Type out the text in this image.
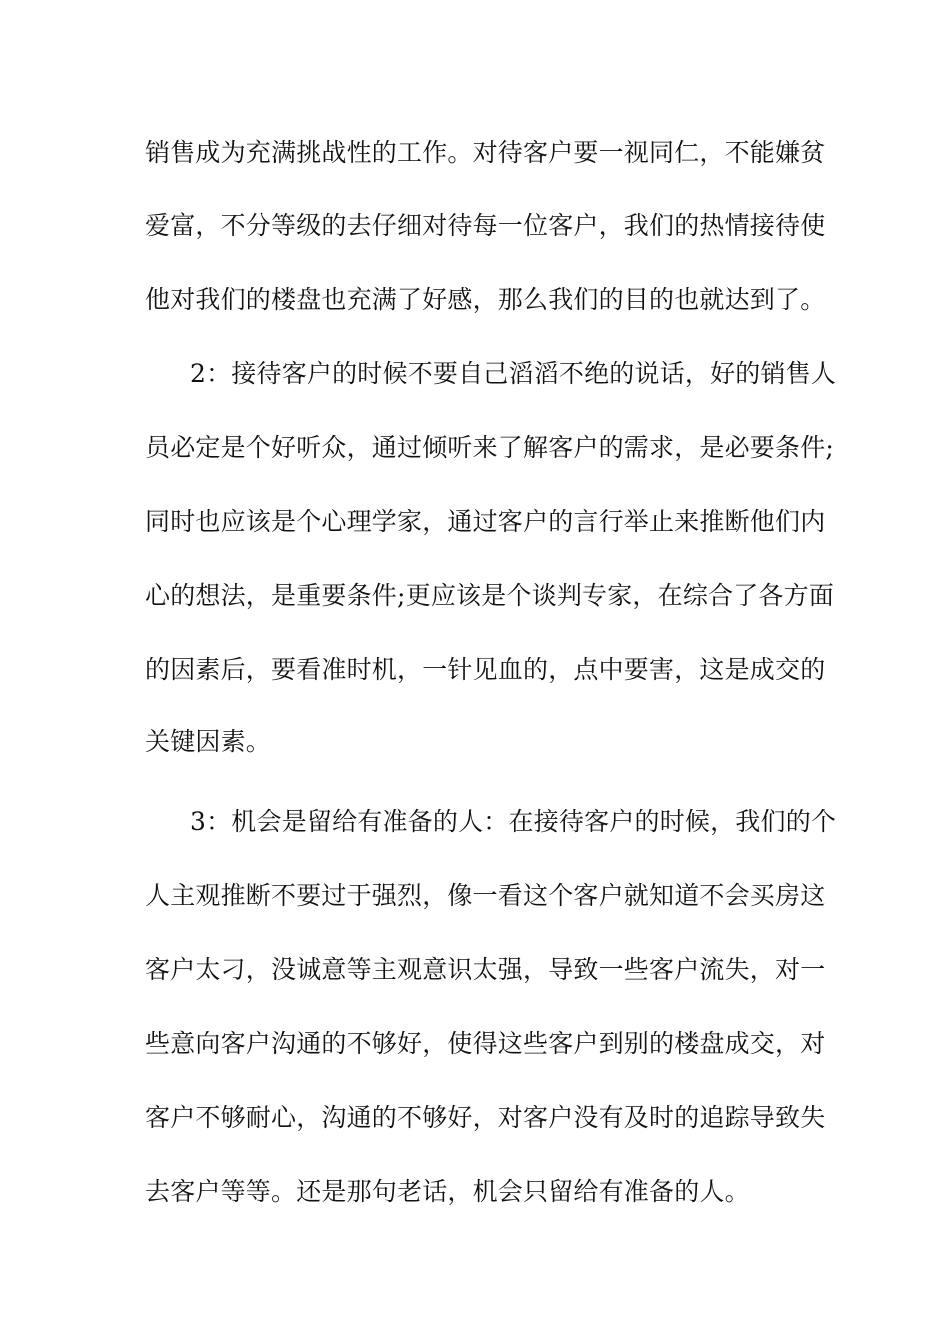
销售成为充满挑战性的工作。对待客户要一视同仁，不能嫌贫
爱富，不分等级的去仔细对待每一位客户，我们的热情接待使
他对我们的楼盘也充满了好感，那么我们的目的也就达到了。
2：接待客户的时候不要自己滔滔不绝的说话，好的销售人
员必定是个好听众，通过倾听来了解客户的需求，是必要条件;
同时也应该是个心理学家，通过客户的言行举止来推断他们内
心的想法，是重要条件;更应该是个谈判专家，在综合了各方面
的因素后，要看准时机，一针见血的，点中要害，这是成交的
关键因素。
3：机会是留给有准备的人：在接待客户的时候，我们的个
人主观推断不要过于强烈，像一看这个客户就知道不会买房这
客户太刁，没诚意等主观意识太强，导致一些客户流失，对一
些意向客户沟通的不够好，使得这些客户到别的楼盘成交，对
客户不够耐心，沟通的不够好，对客户没有及时的追踪导致失
去客户等等。还是那句老话，机会只留给有准备的人。
